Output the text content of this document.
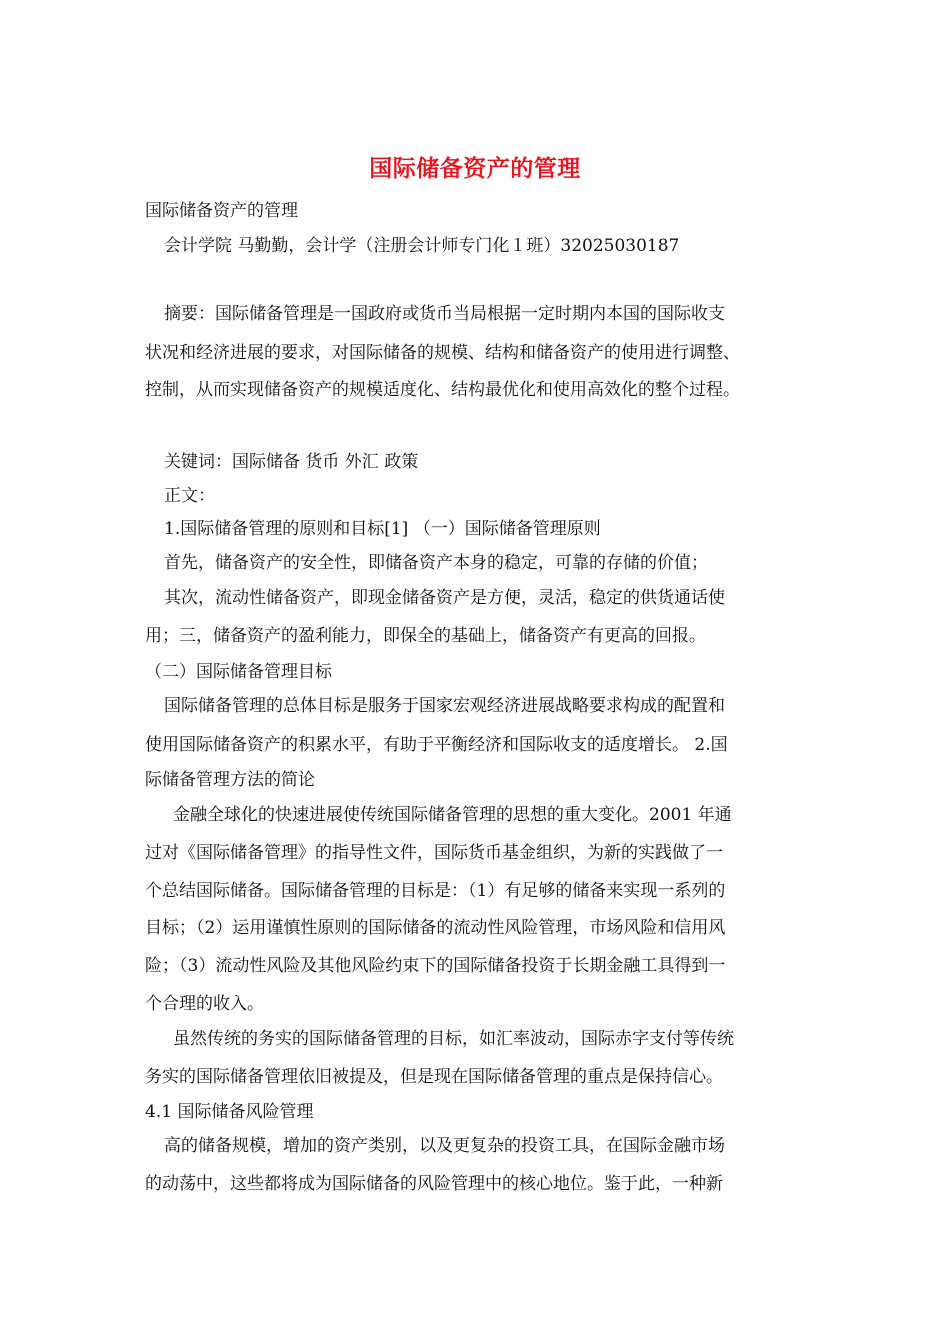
国际储备资产的管理
国际储备资产的管理
会计学院 马勤勤，会计学（注册会计师专门化１班）32025030187
摘要：国际储备管理是一国政府或货币当局根据一定时期内本国的国际收支
状况和经济进展的要求，对国际储备的规模、结构和储备资产的使用进行调整、
控制，从而实现储备资产的规模适度化、结构最优化和使用高效化的整个过程。
关键词：国际储备 货币 外汇 政策
正文：
1.国际储备管理的原则和目标[1] （一）国际储备管理原则
首先，储备资产的安全性，即储备资产本身的稳定，可靠的存储的价值；
其次，流动性储备资产，即现金储备资产是方便，灵活，稳定的供货通话使
用；三，储备资产的盈利能力，即保全的基础上，储备资产有更高的回报。
（二）国际储备管理目标
国际储备管理的总体目标是服务于国家宏观经济进展战略要求构成的配置和
使用国际储备资产的积累水平，有助于平衡经济和国际收支的适度增长。 2.国
际储备管理方法的简论
金融全球化的快速进展使传统国际储备管理的思想的重大变化。2001 年通
过对《国际储备管理》的指导性文件，国际货币基金组织，为新的实践做了一
个总结国际储备。国际储备管理的目标是：（1）有足够的储备来实现一系列的
目标；（2）运用谨慎性原则的国际储备的流动性风险管理，市场风险和信用风
险；（3）流动性风险及其他风险约束下的国际储备投资于长期金融工具得到一
个合理的收入。
虽然传统的务实的国际储备管理的目标，如汇率波动，国际赤字支付等传统
务实的国际储备管理依旧被提及，但是现在国际储备管理的重点是保持信心。
4.1 国际储备风险管理
高的储备规模，增加的资产类别，以及更复杂的投资工具，在国际金融市场
的动荡中，这些都将成为国际储备的风险管理中的核心地位。鉴于此，一种新
